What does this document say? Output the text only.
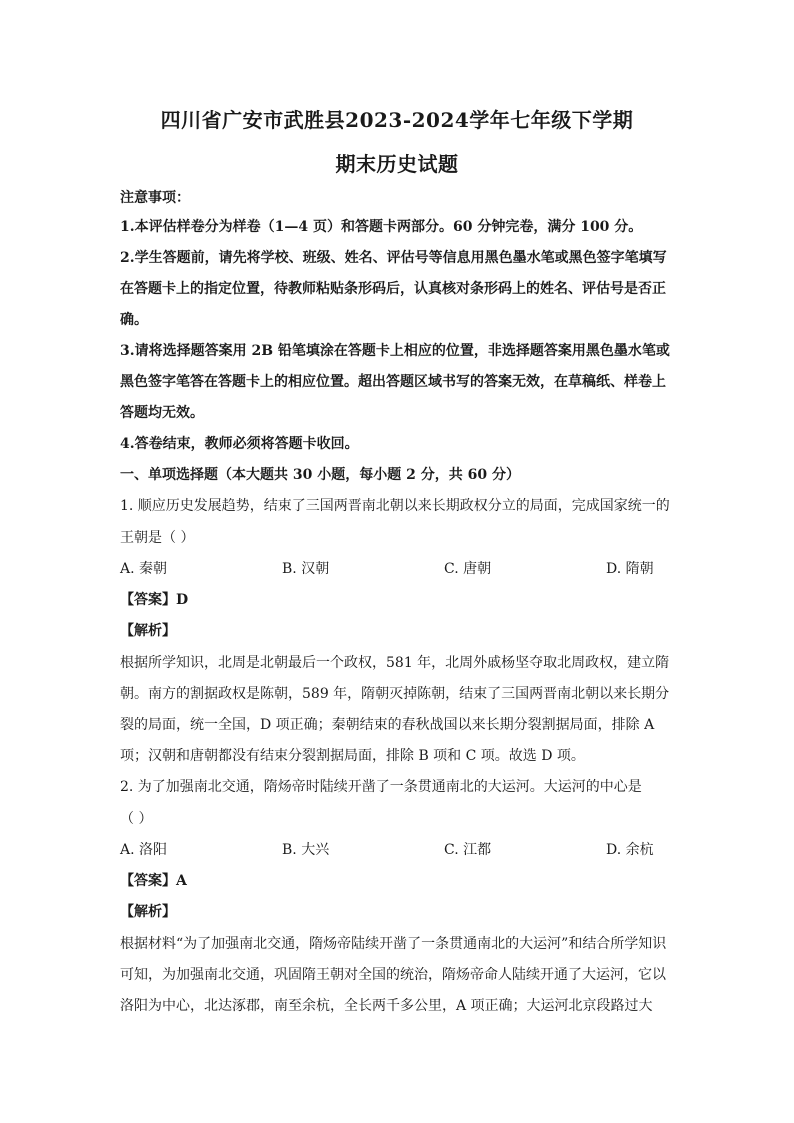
四川省广安市武胜县2023-2024学年七年级下学期
期末历史试题
注意事项：
1.本评估样卷分为样卷（1—4 页）和答题卡两部分。60 分钟完卷，满分 100 分。
2.学生答题前，请先将学校、班级、姓名、评估号等信息用黑色墨水笔或黑色签字笔填写
在答题卡上的指定位置，待教师粘贴条形码后，认真核对条形码上的姓名、评估号是否正
确。
3.请将选择题答案用 2B 铅笔填涂在答题卡上相应的位置，非选择题答案用黑色墨水笔或
黑色签字笔答在答题卡上的相应位置。超出答题区域书写的答案无效，在草稿纸、样卷上
答题均无效。
4.答卷结束，教师必须将答题卡收回。
一、单项选择题（本大题共 30 小题，每小题 2 分，共 60 分）
1. 顺应历史发展趋势，结束了三国两晋南北朝以来长期政权分立的局面，完成国家统一的
王朝是（ ）
A. 秦朝	B. 汉朝	C. 唐朝	D. 隋朝
【答案】D
【解析】
根据所学知识，北周是北朝最后一个政权，581 年，北周外戚杨坚夺取北周政权，建立隋
朝。南方的割据政权是陈朝，589 年，隋朝灭掉陈朝，结束了三国两晋南北朝以来长期分
裂的局面，统一全国，D 项正确；秦朝结束的春秋战国以来长期分裂割据局面，排除 A
项；汉朝和唐朝都没有结束分裂割据局面，排除 B 项和 C 项。故选 D 项。
2. 为了加强南北交通，隋炀帝时陆续开凿了一条贯通南北的大运河。大运河的中心是
（ ）
A. 洛阳	B. 大兴	C. 江都	D. 余杭
【答案】A
【解析】
根据材料“为了加强南北交通，隋炀帝陆续开凿了一条贯通南北的大运河”和结合所学知识
可知，为加强南北交通，巩固隋王朝对全国的统治，隋炀帝命人陆续开通了大运河，它以
洛阳为中心，北达涿郡，南至余杭，全长两千多公里，A 项正确；大运河北京段路过大
